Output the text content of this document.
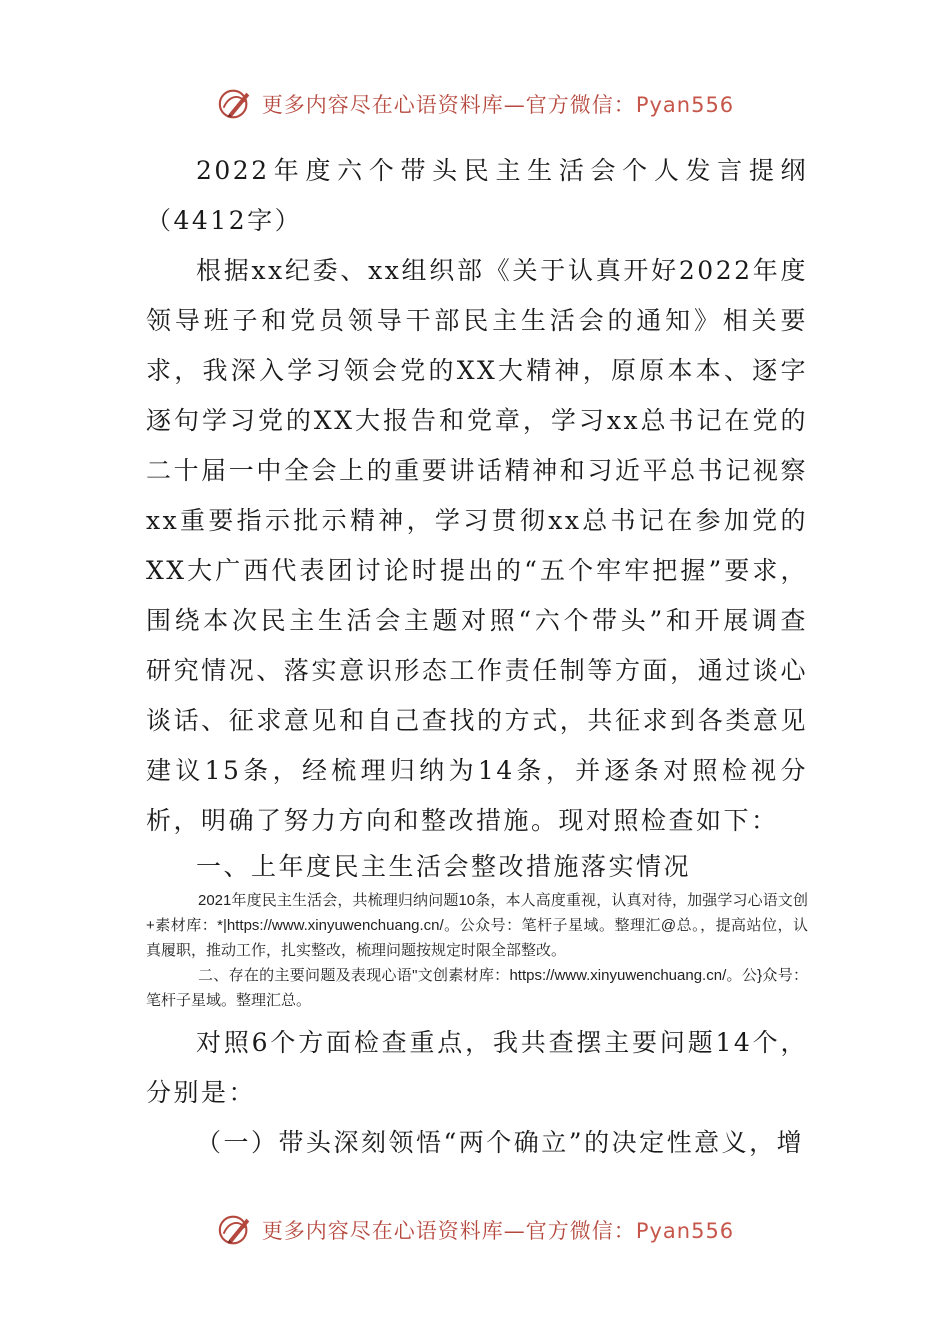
更多内容尽在心语资料库—官方微信：Pyan556

2022年度六个带头民主生活会个人发言提纲（4412字）

根据xx纪委、xx组织部《关于认真开好2022年度领导班子和党员领导干部民主生活会的通知》相关要求，我深入学习领会党的XX大精神，原原本本、逐字逐句学习党的XX大报告和党章，学习xx总书记在党的二十届一中全会上的重要讲话精神和习近平总书记视察xx重要指示批示精神，学习贯彻xx总书记在参加党的XX大广西代表团讨论时提出的“五个牢牢把握”要求，围绕本次民主生活会主题对照“六个带头”和开展调查研究情况、落实意识形态工作责任制等方面，通过谈心谈话、征求意见和自己查找的方式，共征求到各类意见建议15条，经梳理归纳为14条，并逐条对照检视分析，明确了努力方向和整改措施。现对照检查如下：

一、上年度民主生活会整改措施落实情况

2021年度民主生活会，共梳理归纳问题10条，本人高度重视，认真对待，加强学习心语文创+素材库：*|https://www.xinyuwenchuang.cn/。公众号：笔杆子星域。整理汇@总。，提高站位，认真履职，推动工作，扎实整改，梳理问题按规定时限全部整改。

二、存在的主要问题及表现心语"文创素材库：https://www.xinyuwenchuang.cn/。公}众号：笔杆子星域。整理汇总。

对照6个方面检查重点，我共查摆主要问题14个，分别是：

（一）带头深刻领悟“两个确立”的决定性意义，增

更多内容尽在心语资料库—官方微信：Pyan556
